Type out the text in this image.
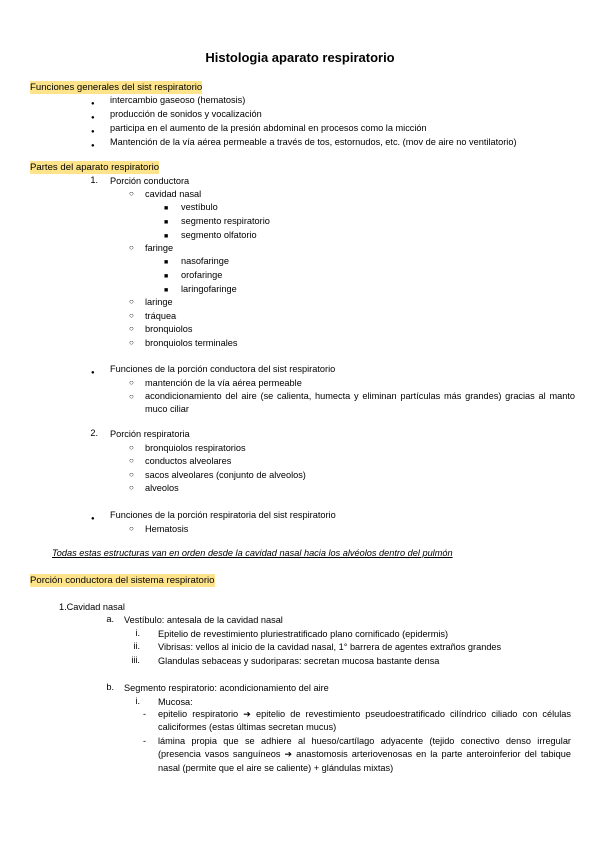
Histologia aparato respiratorio
Funciones generales del sist respiratorio
●
intercambio gaseoso (hematosis)
●
producción de sonidos y vocalización
●
participa en el aumento de la presión abdominal en procesos como la micción
●
Mantención de la vía aérea permeable a través de tos, estornudos, etc. (mov de aire no ventilatorio)
Partes del aparato respiratorio
1. Porción conductora
○
cavidad nasal
■
vestíbulo
■
segmento respiratorio
■
segmento olfatorio
○
faringe
■
nasofaringe
■
orofaringe
■
laringofaringe
○
laringe
○
tráquea
○
bronquiolos
○
bronquiolos terminales
●
Funciones de la porción conductora del sist respiratorio
○
mantención de la vía aérea permeable
○
acondicionamiento del aire (se calienta, humecta y eliminan partículas más grandes) gracias al manto muco ciliar
2. Porción respiratoria
○
bronquiolos respiratorios
○
conductos alveolares
○
sacos alveolares (conjunto de alveolos)
○
alveolos
●
Funciones de la porción respiratoria del sist respiratorio
○
Hematosis
Todas estas estructuras van en orden desde la cavidad nasal hacia los alvéolos dentro del pulmón
Porción conductora del sistema respiratorio
1.Cavidad nasal
a. Vestíbulo: antesala de la cavidad nasal
i. Epitelio de revestimiento pluriestratificado plano cornificado (epidermis)
ii. Vibrisas: vellos al inicio de la cavidad nasal, 1° barrera de agentes extraños grandes
iii. Glandulas sebaceas y sudoriparas: secretan mucosa bastante densa
b. Segmento respiratorio: acondicionamiento del aire
i. Mucosa:
-
epitelio respiratorio ➔ epitelio de revestimiento pseudoestratificado cilíndrico ciliado con células caliciformes (estas últimas secretan mucus)
-
lámina propia que se adhiere al hueso/cartílago adyacente (tejido conectivo denso irregular (presencia vasos sanguíneos ➔ anastomosis arteriovenosas en la parte anteroinferior del tabique nasal (permite que el aire se caliente) + glándulas mixtas)
